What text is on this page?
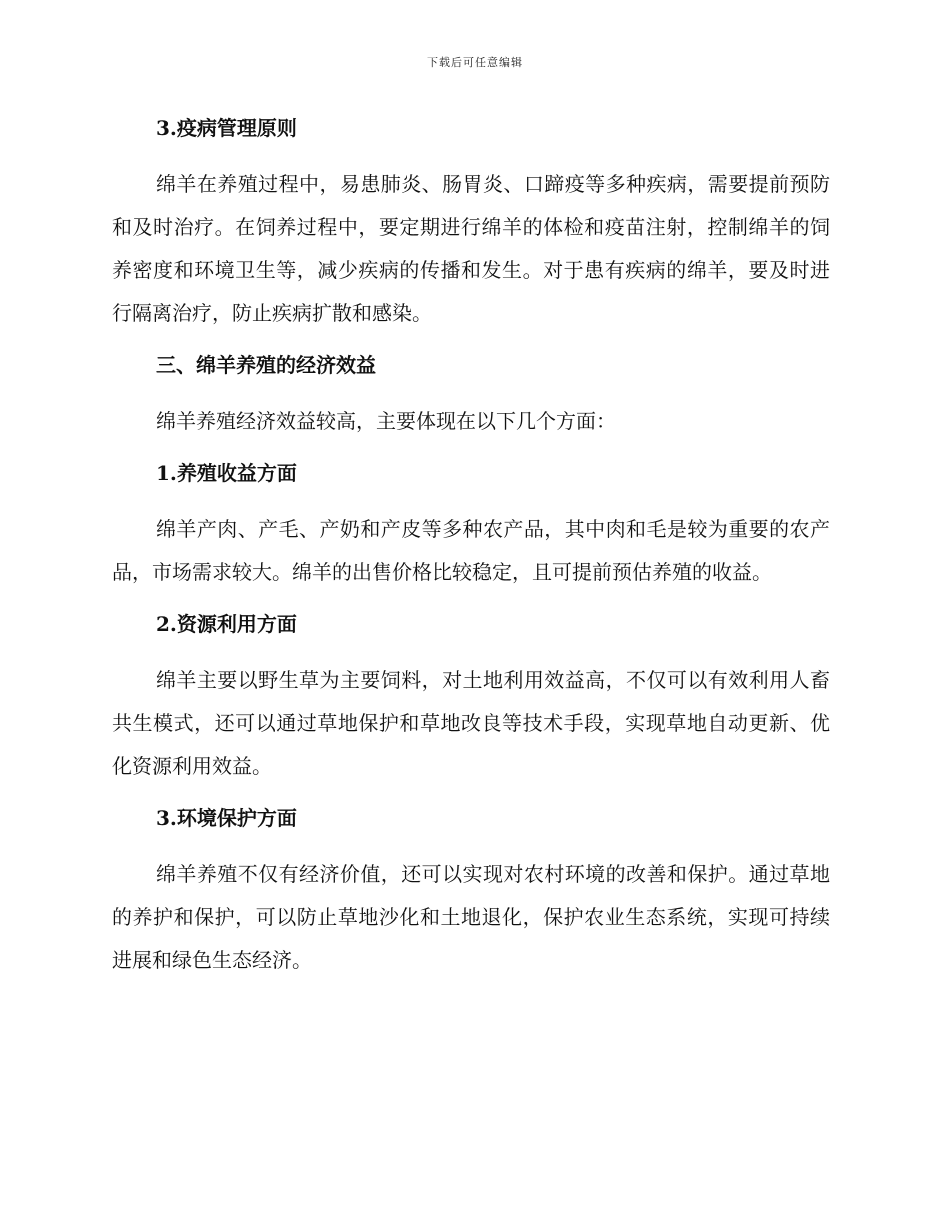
下载后可任意编辑
3.疫病管理原则

绵羊在养殖过程中，易患肺炎、肠胃炎、口蹄疫等多种疾病，需要提前预防和及时治疗。在饲养过程中，要定期进行绵羊的体检和疫苗注射，控制绵羊的饲养密度和环境卫生等，减少疾病的传播和发生。对于患有疾病的绵羊，要及时进行隔离治疗，防止疾病扩散和感染。

三、绵羊养殖的经济效益

绵羊养殖经济效益较高，主要体现在以下几个方面：

1.养殖收益方面

绵羊产肉、产毛、产奶和产皮等多种农产品，其中肉和毛是较为重要的农产品，市场需求较大。绵羊的出售价格比较稳定，且可提前预估养殖的收益。

2.资源利用方面

绵羊主要以野生草为主要饲料，对土地利用效益高，不仅可以有效利用人畜共生模式，还可以通过草地保护和草地改良等技术手段，实现草地自动更新、优化资源利用效益。

3.环境保护方面

绵羊养殖不仅有经济价值，还可以实现对农村环境的改善和保护。通过草地的养护和保护，可以防止草地沙化和土地退化，保护农业生态系统，实现可持续进展和绿色生态经济。
